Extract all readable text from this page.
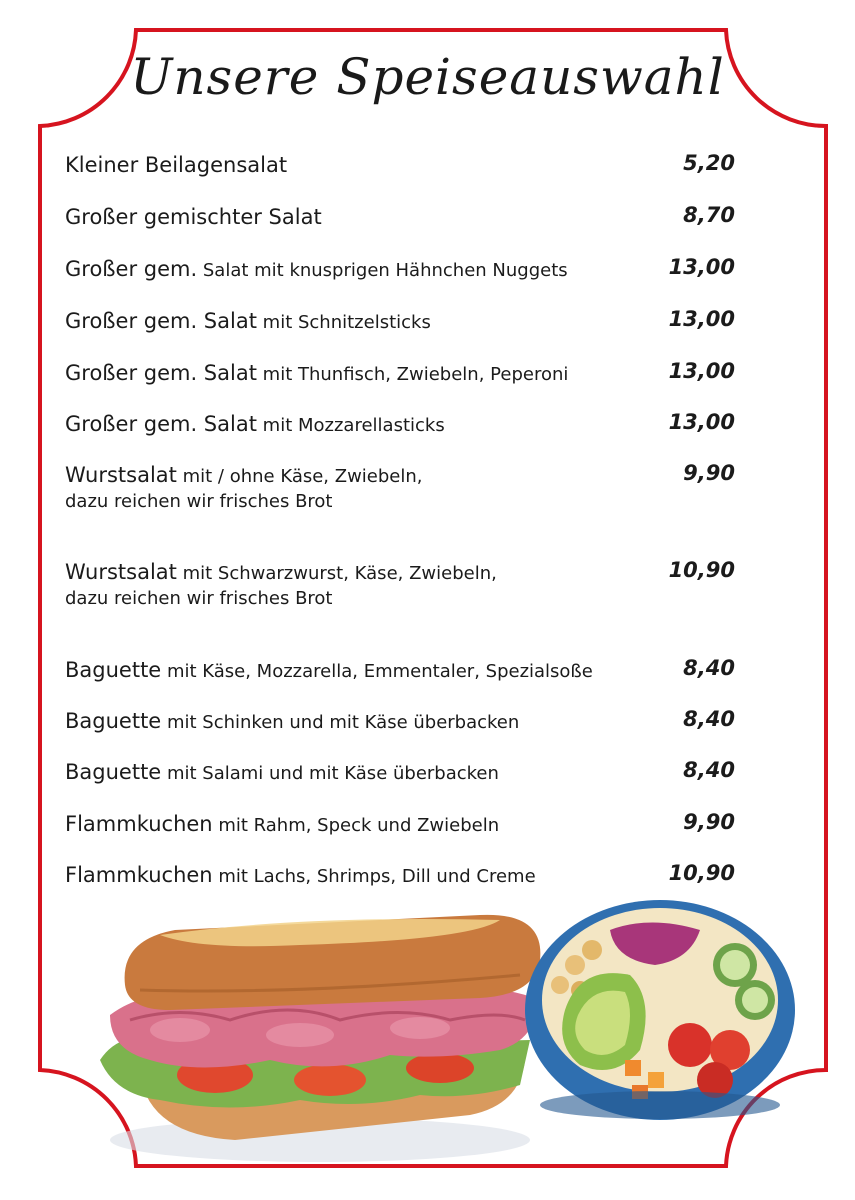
Unsere Speiseauswahl
Kleiner Beilagensalat	5,20
Großer gemischter Salat	8,70
Großer gem. Salat mit knusprigen Hähnchen Nuggets	13,00
Großer gem. Salat mit Schnitzelsticks	13,00
Großer gem. Salat mit Thunfisch, Zwiebeln, Peperoni	13,00
Großer gem. Salat mit Mozzarellasticks	13,00
Wurstsalat mit / ohne Käse, Zwiebeln,
dazu reichen wir frisches Brot
9,90
Wurstsalat mit Schwarzwurst, Käse, Zwiebeln,
dazu reichen wir frisches Brot
10,90
Baguette mit Käse, Mozzarella, Emmentaler, Spezialsoße	8,40
Baguette mit Schinken und mit Käse überbacken	8,40
Baguette mit Salami und mit Käse überbacken	8,40
Flammkuchen mit Rahm, Speck und Zwiebeln	9,90
Flammkuchen mit Lachs, Shrimps, Dill und Creme	10,90
